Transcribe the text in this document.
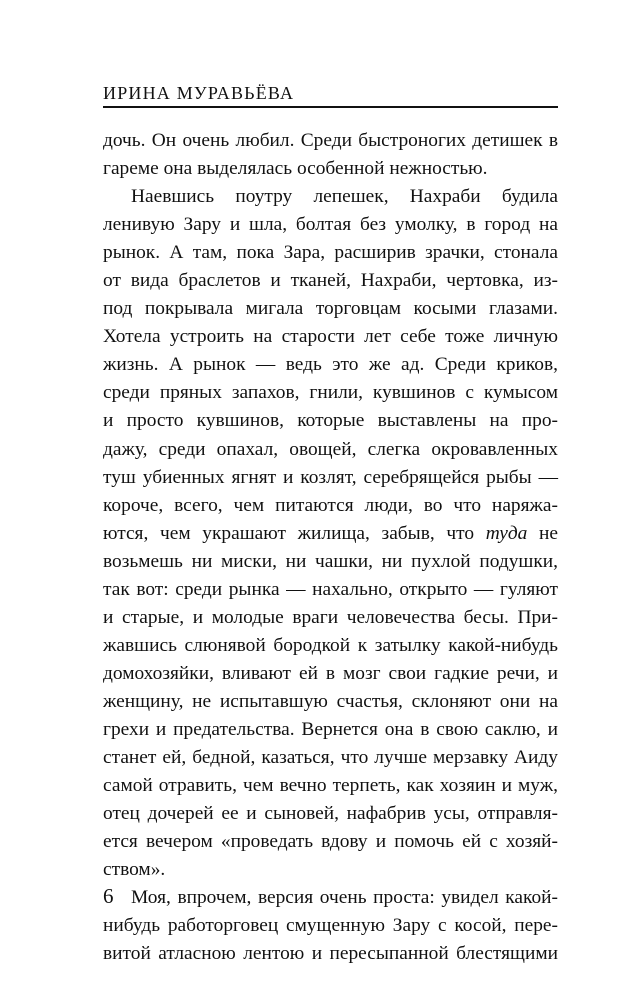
ИРИНА МУРАВЬЁВА
дочь. Он очень любил. Среди быстроногих детишек в
гареме она выделялась особенной нежностью.
Наевшись поутру лепешек, Нахраби будила
ленивую Зару и шла, болтая без умолку, в город на
рынок. А там, пока Зара, расширив зрачки, стонала
от вида браслетов и тканей, Нахраби, чертовка, из-
под покрывала мигала торговцам косыми глазами.
Хотела устроить на старости лет себе тоже личную
жизнь. А рынок — ведь это же ад. Среди криков,
среди пряных запахов, гнили, кувшинов с кумысом
и просто кувшинов, которые выставлены на про-
дажу, среди опахал, овощей, слегка окровавленных
туш убиенных ягнят и козлят, серебрящейся рыбы —
короче, всего, чем питаются люди, во что наряжа-
ются, чем украшают жилища, забыв, что туда не
возьмешь ни миски, ни чашки, ни пухлой подушки,
так вот: среди рынка — нахально, открыто — гуляют
и старые, и молодые враги человечества бесы. При-
жавшись слюнявой бородкой к затылку какой-нибудь
домохозяйки, вливают ей в мозг свои гадкие речи, и
женщину, не испытавшую счастья, склоняют они на
грехи и предательства. Вернется она в свою саклю, и
станет ей, бедной, казаться, что лучше мерзавку Аиду
самой отравить, чем вечно терпеть, как хозяин и муж,
отец дочерей ее и сыновей, нафабрив усы, отправля-
ется вечером «проведать вдову и помочь ей с хозяй-
ством».
Моя, впрочем, версия очень проста: увидел какой-
нибудь работорговец смущенную Зару с косой, пере-
витой атласною лентою и пересыпанной блестящими
6
